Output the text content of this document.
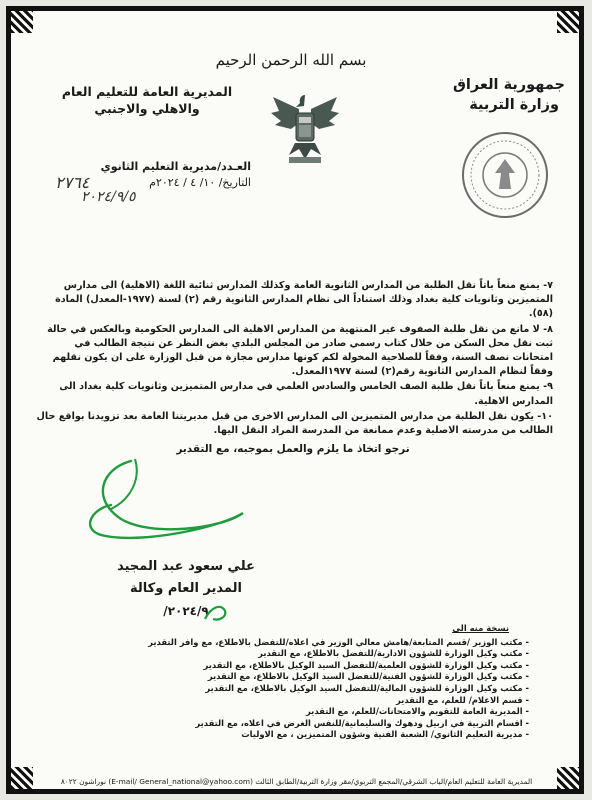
بسم الله الرحمن الرحيم
جمهورية العراق
وزارة التربية
المديرية العامة للتعليم العام
والاهلي والاجنبي
العـدد/مديرية التعليم الثانوي
التاريخ/ ١٠/ ٤ / ٢٠٢٤م
٢٧٦٤
٢٠٢٤/٩/٥

٧- يمنع منعاً باتاً نقل الطلبة من المدارس الثانوية العامة وكذلك المدارس ثنائية اللغة (الاهلية) الى مدارس المتميزين وثانويات كلية بغداد وذلك استناداً الى نظام المدارس الثانوية رقم (٢) لسنة (١٩٧٧-المعدل) المادة (٥٨).

٨- لا مانع من نقل طلبة الصفوف غير المنتهية من المدارس الاهلية الى المدارس الحكومية وبالعكس في حالة ثبت نقل محل السكن من خلال كتاب رسمي صادر من المجلس البلدي بغض النظر عن نتيجة الطالب في امتحانات نصف السنة، وفقاً للصلاحية المخولة لكم كونها مدارس مجازة من قبل الوزارة على ان يكون نقلهم وفقاً لنظام المدارس الثانوية رقم(٢) لسنة ١٩٧٧المعدل.

٩- يمنع منعاً باتاً نقل طلبة الصف الخامس والسادس العلمي في مدارس المتميزين وثانويات كلية بغداد الى المدارس الاهلية.

١٠- يكون نقل الطلبة من مدارس المتميزين الى المدارس الاخرى من قبل مديريتنا العامة بعد تزويدنا بواقع حال الطالب من مدرسته الاصلية وعدم ممانعة من المدرسة المراد النقل اليها.

نرجو اتخاذ ما يلزم والعمل بموجبه، مع التقدير
علي سعود عبد المجيد
المدير العام وكالة
٢٠٢٤/٩/
نسخة منه الى
- مكتب الوزير /قسم المتابعة/هامش معالي الوزير في اعلاه/للتفضل بالاطلاع، مع وافر التقدير
- مكتب وكيل الوزارة للشؤون الادارية/للتفضل بالاطلاع، مع التقدير
- مكتب وكيل الوزارة للشؤون العلمية/للتفضل السيد الوكيل بالاطلاع، مع التقدير
- مكتب وكيل الوزارة للشؤون الفنية/للتفضل السيد الوكيل بالاطلاع، مع التقدير
- مكتب وكيل الوزارة للشؤون المالية/للتفضل السيد الوكيل بالاطلاع، مع التقدير
- قسم الاعلام/ للعلم، مع التقدير
- المديرية العامة للتقويم والامتحانات/للعلم، مع التقدير
- اقسام التربية في اربيل ودهوك والسليمانية/للنفس الغرض في اعلاه، مع التقدير
- مديرية التعليم الثانوي/ الشعبة الفنية وشؤون المتميزين ، مع الاوليات
المديرية العامة للتعليم العام/الباب الشرقي/المجمع التربوي/مقر وزارة التربية/الطابق الثالث (E-mail/ General_national@yahoo.com) نوراشون ٨٠٢٢
